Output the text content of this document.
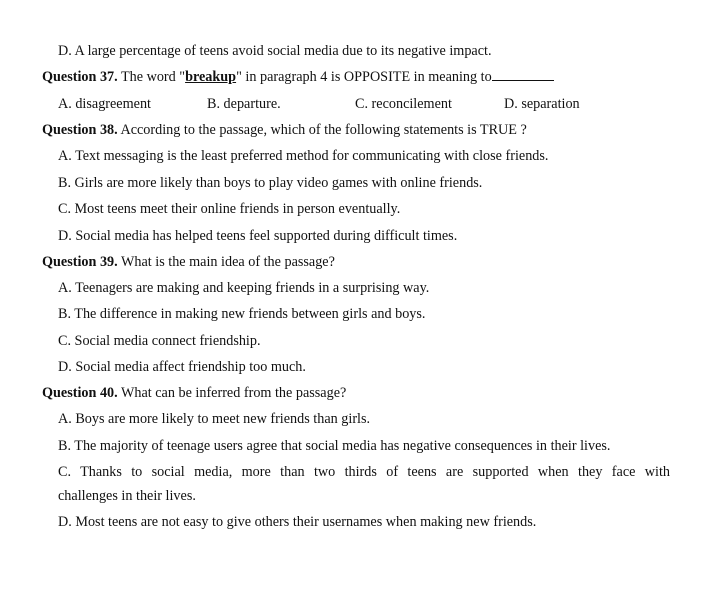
D. A large percentage of teens avoid social media due to its negative impact.
Question 37. The word "breakup" in paragraph 4 is OPPOSITE in meaning to
A. disagreement	B. departure.	C. reconcilement	D. separation
Question 38. According to the passage, which of the following statements is TRUE ?
A. Text messaging is the least preferred method for communicating with close friends.
B. Girls are more likely than boys to play video games with online friends.
C. Most teens meet their online friends in person eventually.
D. Social media has helped teens feel supported during difficult times.
Question 39. What is the main idea of the passage?
A. Teenagers are making and keeping friends in a surprising way.
B. The difference in making new friends between girls and boys.
C. Social media connect friendship.
D. Social media affect friendship too much.
Question 40. What can be inferred from the passage?
A. Boys are more likely to meet new friends than girls.
B. The majority of teenage users agree that social media has negative consequences in their lives.
C. Thanks to social media, more than two thirds of teens are supported when they face with
challenges in their lives.
D. Most teens are not easy to give others their usernames when making new friends.
